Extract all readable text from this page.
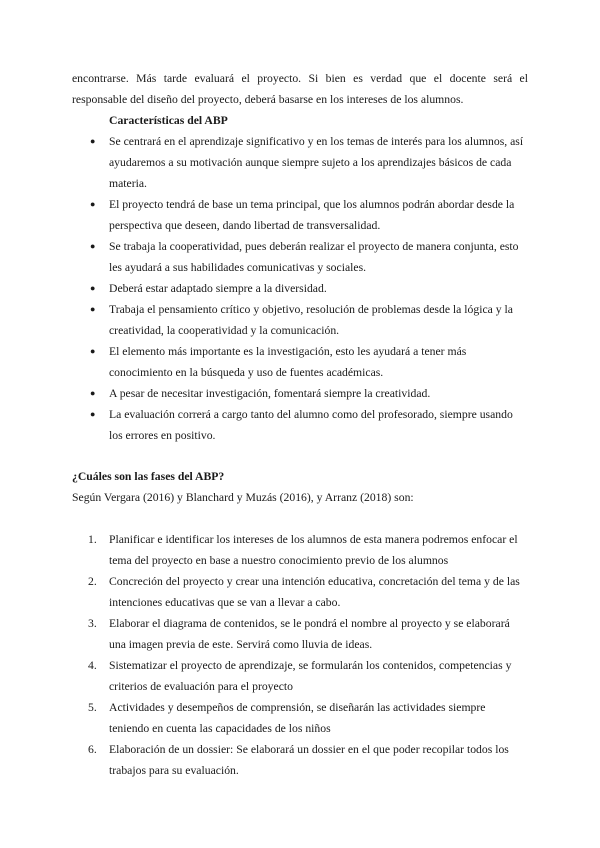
encontrarse. Más tarde evaluará el proyecto. Si bien es verdad que el docente será el

responsable del diseño del proyecto, deberá basarse en los intereses de los alumnos.

Características del ABP

● Se centrará en el aprendizaje significativo y en los temas de interés para los alumnos, así ayudaremos a su motivación aunque siempre sujeto a los aprendizajes básicos de cada materia.
● El proyecto tendrá de base un tema principal, que los alumnos podrán abordar desde la perspectiva que deseen, dando libertad de transversalidad.
● Se trabaja la cooperatividad, pues deberán realizar el proyecto de manera conjunta, esto les ayudará a sus habilidades comunicativas y sociales.
● Deberá estar adaptado siempre a la diversidad.
● Trabaja el pensamiento crítico y objetivo, resolución de problemas desde la lógica y la creatividad, la cooperatividad y la comunicación.
● El elemento más importante es la investigación, esto les ayudará a tener más conocimiento en la búsqueda y uso de fuentes académicas.
● A pesar de necesitar investigación, fomentará siempre la creatividad.
● La evaluación correrá a cargo tanto del alumno como del profesorado, siempre usando los errores en positivo.

¿Cuáles son las fases del ABP?

Según Vergara (2016) y Blanchard y Muzás (2016), y Arranz (2018) son:

1. Planificar e identificar los intereses de los alumnos de esta manera podremos enfocar el tema del proyecto en base a nuestro conocimiento previo de los alumnos
2. Concreción del proyecto y crear una intención educativa, concretación del tema y de las intenciones educativas que se van a llevar a cabo.
3. Elaborar el diagrama de contenidos, se le pondrá el nombre al proyecto y se elaborará una imagen previa de este. Servirá como lluvia de ideas.
4. Sistematizar el proyecto de aprendizaje, se formularán los contenidos, competencias y criterios de evaluación para el proyecto
5. Actividades y desempeños de comprensión, se diseñarán las actividades siempre teniendo en cuenta las capacidades de los niños
6. Elaboración de un dossier: Se elaborará un dossier en el que poder recopilar todos los trabajos para su evaluación.
